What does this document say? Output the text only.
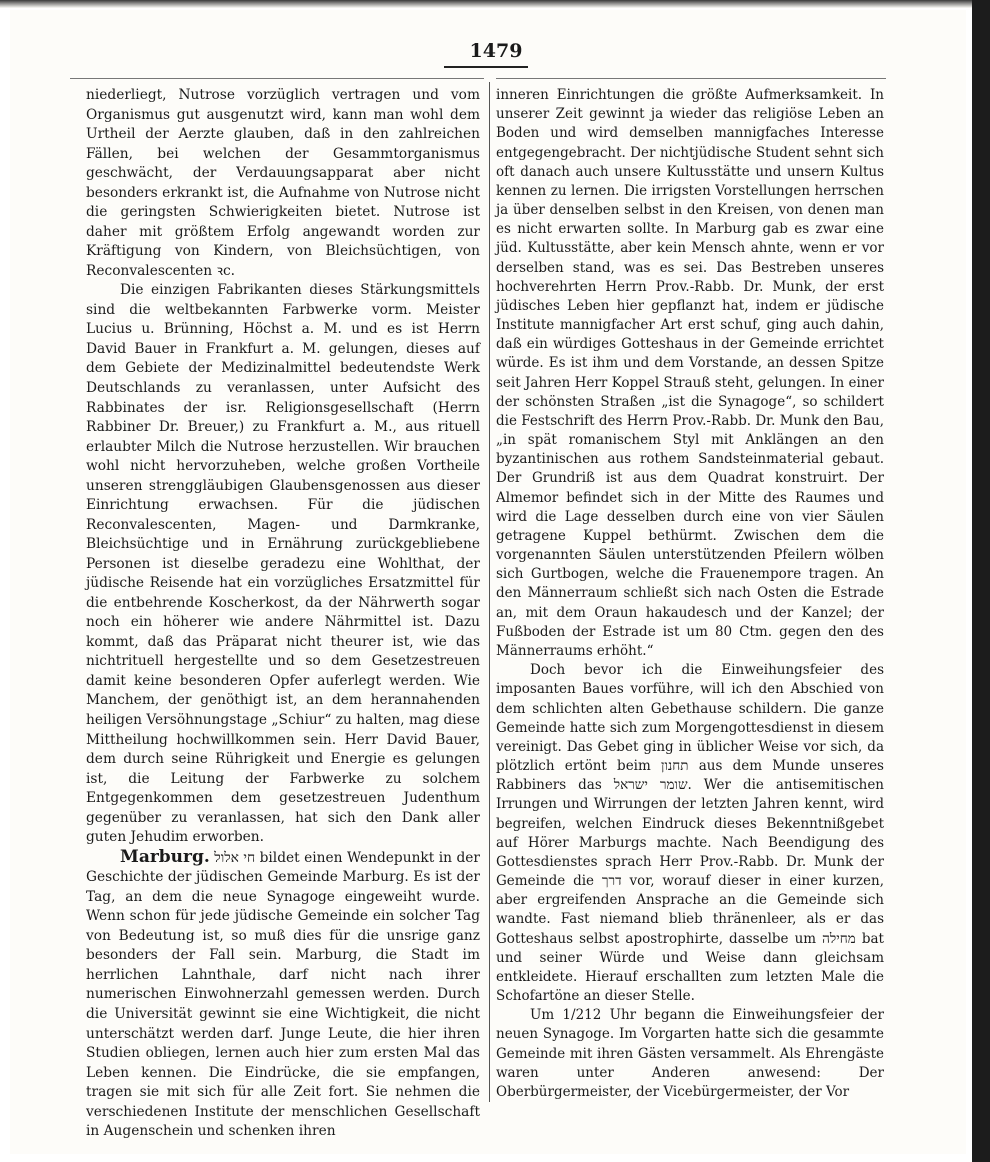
1479

niederliegt, Nutrose vorzüglich vertragen und vom Organismus gut ausgenutzt wird, kann man wohl dem Urtheil der Aerzte glauben, daß in den zahlreichen Fällen, bei welchen der Gesammtorganismus geschwächt, der Verdauungsapparat aber nicht besonders erkrankt ist, die Aufnahme von Nutrose nicht die geringsten Schwierigkeiten bietet. Nutrose ist daher mit größtem Erfolg angewandt worden zur Kräftigung von Kindern, von Bleichsüchtigen, von Reconvalescenten ꝛc.

Die einzigen Fabrikanten dieses Stärkungsmittels sind die weltbekannten Farbwerke vorm. Meister Lucius u. Brünning, Höchst a. M. und es ist Herrn David Bauer in Frankfurt a. M. gelungen, dieses auf dem Gebiete der Medizinalmittel bedeutendste Werk Deutschlands zu veranlassen, unter Aufsicht des Rabbinates der isr. Religionsgesellschaft (Herrn Rabbiner Dr. Breuer,) zu Frankfurt a. M., aus rituell erlaubter Milch die Nutrose herzustellen. Wir brauchen wohl nicht hervorzuheben, welche großen Vortheile unseren strenggläubigen Glaubensgenossen aus dieser Einrichtung erwachsen. Für die jüdischen Reconvalescenten, Magen- und Darmkranke, Bleichsüchtige und in Ernährung zurückgebliebene Personen ist dieselbe geradezu eine Wohlthat, der jüdische Reisende hat ein vorzügliches Ersatzmittel für die entbehrende Koscherkost, da der Nährwerth sogar noch ein höherer wie andere Nährmittel ist. Dazu kommt, daß das Präparat nicht theurer ist, wie das nichtrituell hergestellte und so dem Gesetzestreuen damit keine besonderen Opfer auferlegt werden. Wie Manchem, der genöthigt ist, an dem herannahenden heiligen Versöhnungstage „Schiur“ zu halten, mag diese Mittheilung hochwillkommen sein. Herr David Bauer, dem durch seine Rührigkeit und Energie es gelungen ist, die Leitung der Farbwerke zu solchem Entgegenkommen dem gesetzestreuen Judenthum gegenüber zu veranlassen, hat sich den Dank aller guten Jehudim erworben.

Marburg. חי אלול bildet einen Wendepunkt in der Geschichte der jüdischen Gemeinde Marburg. Es ist der Tag, an dem die neue Synagoge eingeweiht wurde. Wenn schon für jede jüdische Gemeinde ein solcher Tag von Bedeutung ist, so muß dies für die unsrige ganz besonders der Fall sein. Marburg, die Stadt im herrlichen Lahnthale, darf nicht nach ihrer numerischen Einwohnerzahl gemessen werden. Durch die Universität gewinnt sie eine Wichtigkeit, die nicht unterschätzt werden darf. Junge Leute, die hier ihren Studien obliegen, lernen auch hier zum ersten Mal das Leben kennen. Die Eindrücke, die sie empfangen, tragen sie mit sich für alle Zeit fort. Sie nehmen die verschiedenen Institute der menschlichen Gesellschaft in Augenschein und schenken ihren

inneren Einrichtungen die größte Aufmerksamkeit. In unserer Zeit gewinnt ja wieder das religiöse Leben an Boden und wird demselben mannigfaches Interesse entgegengebracht. Der nichtjüdische Student sehnt sich oft danach auch unsere Kultusstätte und unsern Kultus kennen zu lernen. Die irrigsten Vorstellungen herrschen ja über denselben selbst in den Kreisen, von denen man es nicht erwarten sollte. In Marburg gab es zwar eine jüd. Kultusstätte, aber kein Mensch ahnte, wenn er vor derselben stand, was es sei. Das Bestreben unseres hochverehrten Herrn Prov.-Rabb. Dr. Munk, der erst jüdisches Leben hier gepflanzt hat, indem er jüdische Institute mannigfacher Art erst schuf, ging auch dahin, daß ein würdiges Gotteshaus in der Gemeinde errichtet würde. Es ist ihm und dem Vorstande, an dessen Spitze seit Jahren Herr Koppel Strauß steht, gelungen. In einer der schönsten Straßen „ist die Synagoge“, so schildert die Festschrift des Herrn Prov.-Rabb. Dr. Munk den Bau, „in spät romanischem Styl mit Anklängen an den byzantinischen aus rothem Sandsteinmaterial gebaut. Der Grundriß ist aus dem Quadrat konstruirt. Der Almemor befindet sich in der Mitte des Raumes und wird die Lage desselben durch eine von vier Säulen getragene Kuppel bethürmt. Zwischen dem die vorgenannten Säulen unterstützenden Pfeilern wölben sich Gurtbogen, welche die Frauenempore tragen. An den Männerraum schließt sich nach Osten die Estrade an, mit dem Oraun hakaudesch und der Kanzel; der Fußboden der Estrade ist um 80 Ctm. gegen den des Männerraums erhöht.“

Doch bevor ich die Einweihungsfeier des imposanten Baues vorführe, will ich den Abschied von dem schlichten alten Gebethause schildern. Die ganze Gemeinde hatte sich zum Morgengottesdienst in diesem vereinigt. Das Gebet ging in üblicher Weise vor sich, da plötzlich ertönt beim תחנון aus dem Munde unseres Rabbiners das שומר ישראל. Wer die antisemitischen Irrungen und Wirrungen der letzten Jahren kennt, wird begreifen, welchen Eindruck dieses Bekenntnißgebet auf Hörer Marburgs machte. Nach Beendigung des Gottesdienstes sprach Herr Prov.-Rabb. Dr. Munk der Gemeinde die דרך vor, worauf dieser in einer kurzen, aber ergreifenden Ansprache an die Gemeinde sich wandte. Fast niemand blieb thränenleer, als er das Gotteshaus selbst apostrophirte, dasselbe um מחילה bat und seiner Würde und Weise dann gleichsam entkleidete. Hierauf erschallten zum letzten Male die Schofartöne an dieser Stelle.

Um 1/212 Uhr begann die Einweihungsfeier der neuen Synagoge. Im Vorgarten hatte sich die gesammte Gemeinde mit ihren Gästen versammelt. Als Ehrengäste waren unter Anderen anwesend: Der Oberbürgermeister, der Vicebürgermeister, der Vor
